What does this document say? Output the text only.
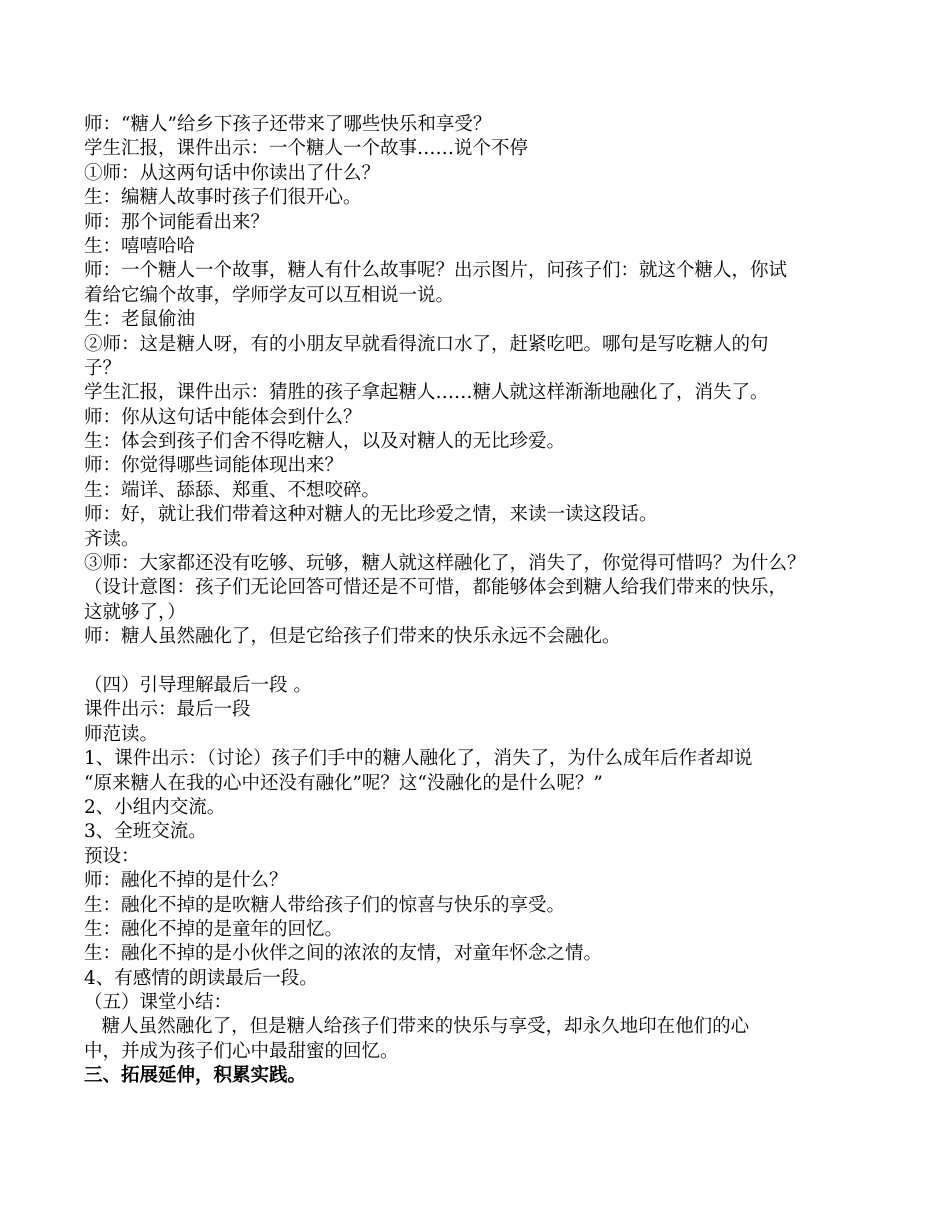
师：“糖人”给乡下孩子还带来了哪些快乐和享受？
学生汇报，课件出示：一个糖人一个故事……说个不停
①师：从这两句话中你读出了什么？
生：编糖人故事时孩子们很开心。
师：那个词能看出来？
生：嘻嘻哈哈
师：一个糖人一个故事，糖人有什么故事呢？出示图片，问孩子们：就这个糖人，你试
着给它编个故事，学师学友可以互相说一说。
生：老鼠偷油
②师：这是糖人呀，有的小朋友早就看得流口水了，赶紧吃吧。哪句是写吃糖人的句
子？
学生汇报，课件出示：猜胜的孩子拿起糖人……糖人就这样渐渐地融化了，消失了。
师：你从这句话中能体会到什么？
生：体会到孩子们舍不得吃糖人，以及对糖人的无比珍爱。
师：你觉得哪些词能体现出来？
生：端详、舔舔、郑重、不想咬碎。
师：好，就让我们带着这种对糖人的无比珍爱之情，来读一读这段话。
齐读。
③师：大家都还没有吃够、玩够，糖人就这样融化了，消失了，你觉得可惜吗？为什么？
（设计意图：孩子们无论回答可惜还是不可惜，都能够体会到糖人给我们带来的快乐，
这就够了，）
师：糖人虽然融化了，但是它给孩子们带来的快乐永远不会融化。
（四）引导理解最后一段 。
课件出示：最后一段
师范读。
1、课件出示：（讨论）孩子们手中的糖人融化了，消失了，为什么成年后作者却说
“原来糖人在我的心中还没有融化”呢？这“没融化的是什么呢？”
2、小组内交流。
3、全班交流。
预设：
师：融化不掉的是什么？
生：融化不掉的是吹糖人带给孩子们的惊喜与快乐的享受。
生：融化不掉的是童年的回忆。
生：融化不掉的是小伙伴之间的浓浓的友情，对童年怀念之情。
4、有感情的朗读最后一段。
（五）课堂小结：
糖人虽然融化了，但是糖人给孩子们带来的快乐与享受，却永久地印在他们的心
中，并成为孩子们心中最甜蜜的回忆。
三、拓展延伸，积累实践。
